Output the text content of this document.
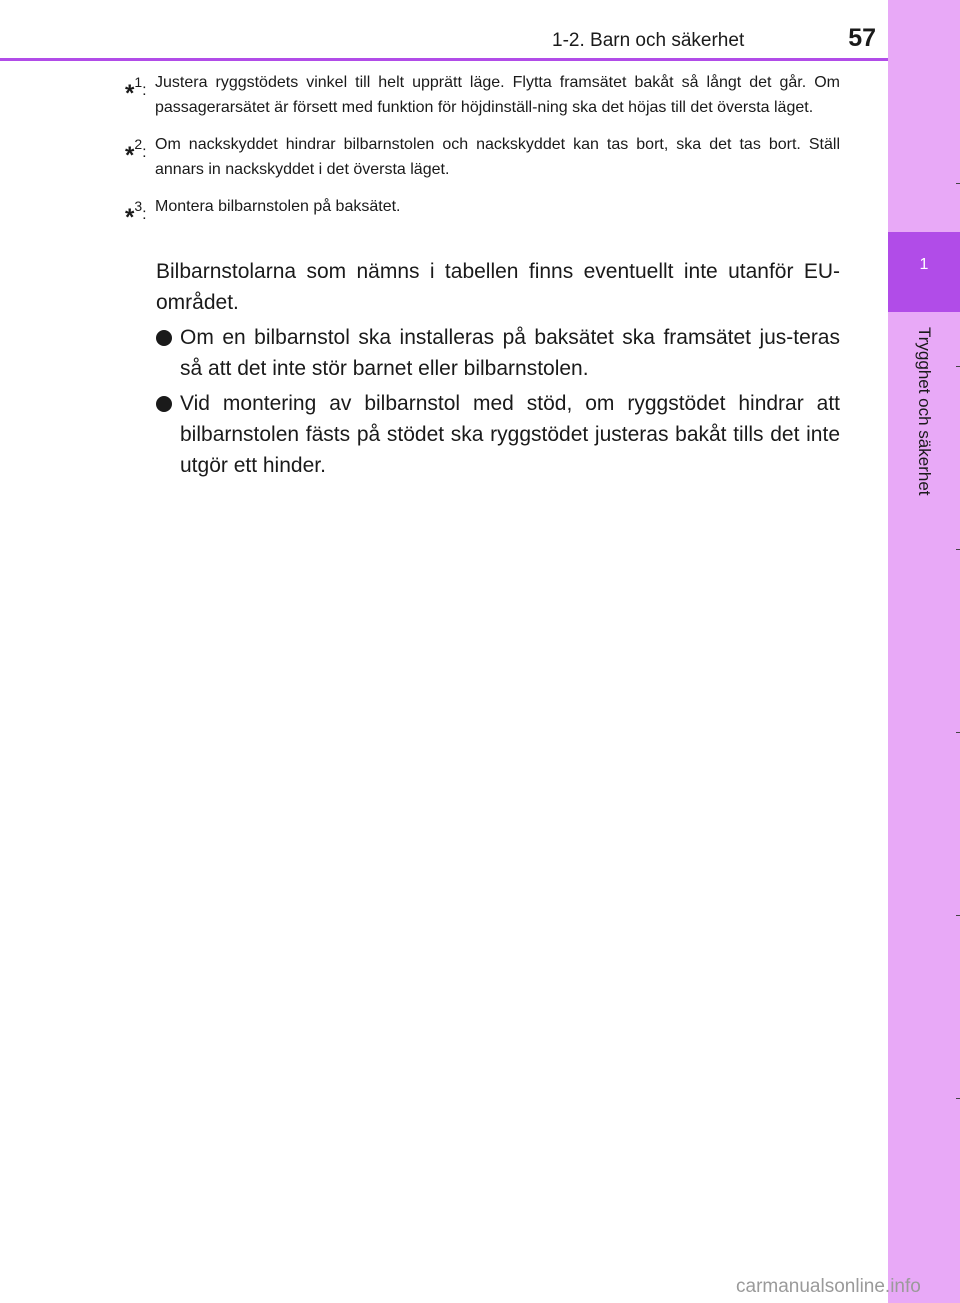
1
Trygghet och säkerhet
1-2. Barn och säkerhet	57
*1: Justera ryggstödets vinkel till helt upprätt läge. Flytta framsätet bakåt så långt det går. Om passagerarsätet är försett med funktion för höjdinställ-ning ska det höjas till det översta läget.
*2: Om nackskyddet hindrar bilbarnstolen och nackskyddet kan tas bort, ska det tas bort. Ställ annars in nackskyddet i det översta läget.
*3: Montera bilbarnstolen på baksätet.

Bilbarnstolarna som nämns i tabellen finns eventuellt inte utanför EU-området.

Om en bilbarnstol ska installeras på baksätet ska framsätet jus-teras så att det inte stör barnet eller bilbarnstolen.
Vid montering av bilbarnstol med stöd, om ryggstödet hindrar att bilbarnstolen fästs på stödet ska ryggstödet justeras bakåt tills det inte utgör ett hinder.
carmanualsonline.info
